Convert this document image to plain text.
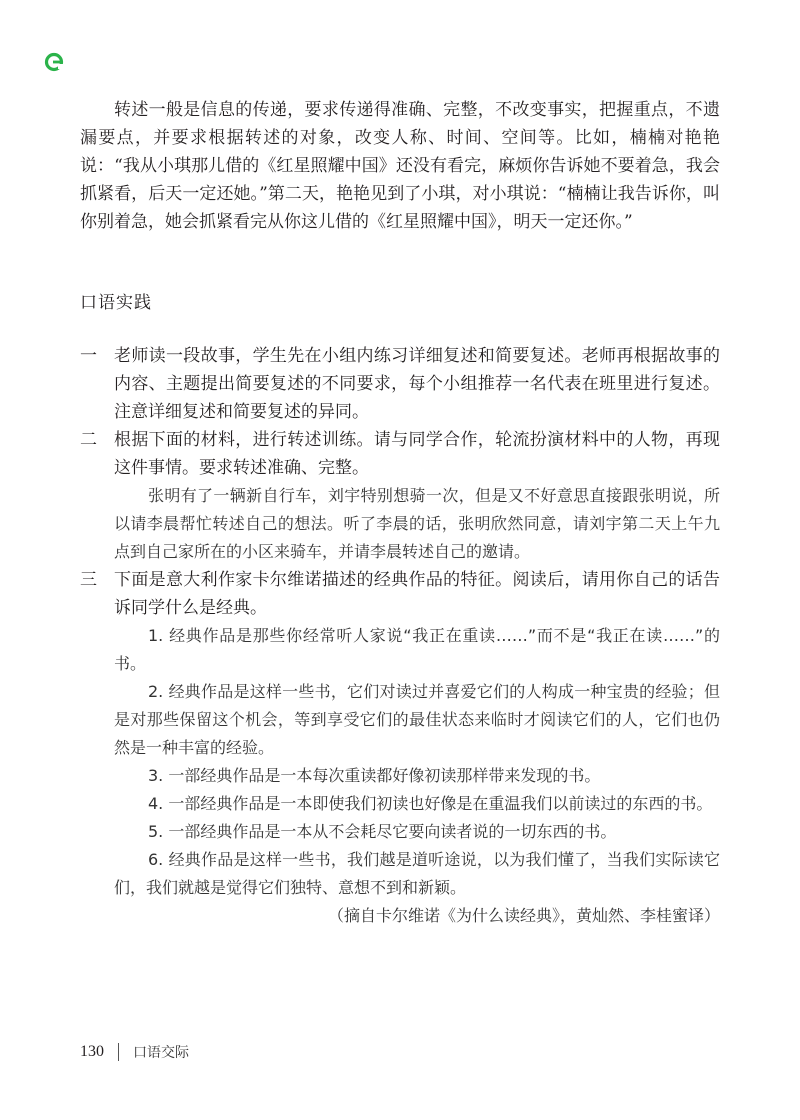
转述一般是信息的传递，要求传递得准确、完整，不改变事实，把握重点，不遗漏要点，并要求根据转述的对象，改变人称、时间、空间等。比如，楠楠对艳艳说：“我从小琪那儿借的《红星照耀中国》还没有看完，麻烦你告诉她不要着急，我会抓紧看，后天一定还她。”第二天，艳艳见到了小琪，对小琪说：“楠楠让我告诉你，叫你别着急，她会抓紧看完从你这儿借的《红星照耀中国》，明天一定还你。”

口语实践
一 老师读一段故事，学生先在小组内练习详细复述和简要复述。老师再根据故事的内容、主题提出简要复述的不同要求，每个小组推荐一名代表在班里进行复述。注意详细复述和简要复述的异同。
二 根据下面的材料，进行转述训练。请与同学合作，轮流扮演材料中的人物，再现这件事情。要求转述准确、完整。

张明有了一辆新自行车，刘宇特别想骑一次，但是又不好意思直接跟张明说，所以请李晨帮忙转述自己的想法。听了李晨的话，张明欣然同意，请刘宇第二天上午九点到自己家所在的小区来骑车，并请李晨转述自己的邀请。

三 下面是意大利作家卡尔维诺描述的经典作品的特征。阅读后，请用你自己的话告诉同学什么是经典。

1. 经典作品是那些你经常听人家说“我正在重读……”而不是“我正在读……”的书。

2. 经典作品是这样一些书，它们对读过并喜爱它们的人构成一种宝贵的经验；但是对那些保留这个机会，等到享受它们的最佳状态来临时才阅读它们的人，它们也仍然是一种丰富的经验。

3. 一部经典作品是一本每次重读都好像初读那样带来发现的书。

4. 一部经典作品是一本即使我们初读也好像是在重温我们以前读过的东西的书。

5. 一部经典作品是一本从不会耗尽它要向读者说的一切东西的书。

6. 经典作品是这样一些书，我们越是道听途说，以为我们懂了，当我们实际读它们，我们就越是觉得它们独特、意想不到和新颖。

（摘自卡尔维诺《为什么读经典》，黄灿然、李桂蜜译）

130 口语交际
